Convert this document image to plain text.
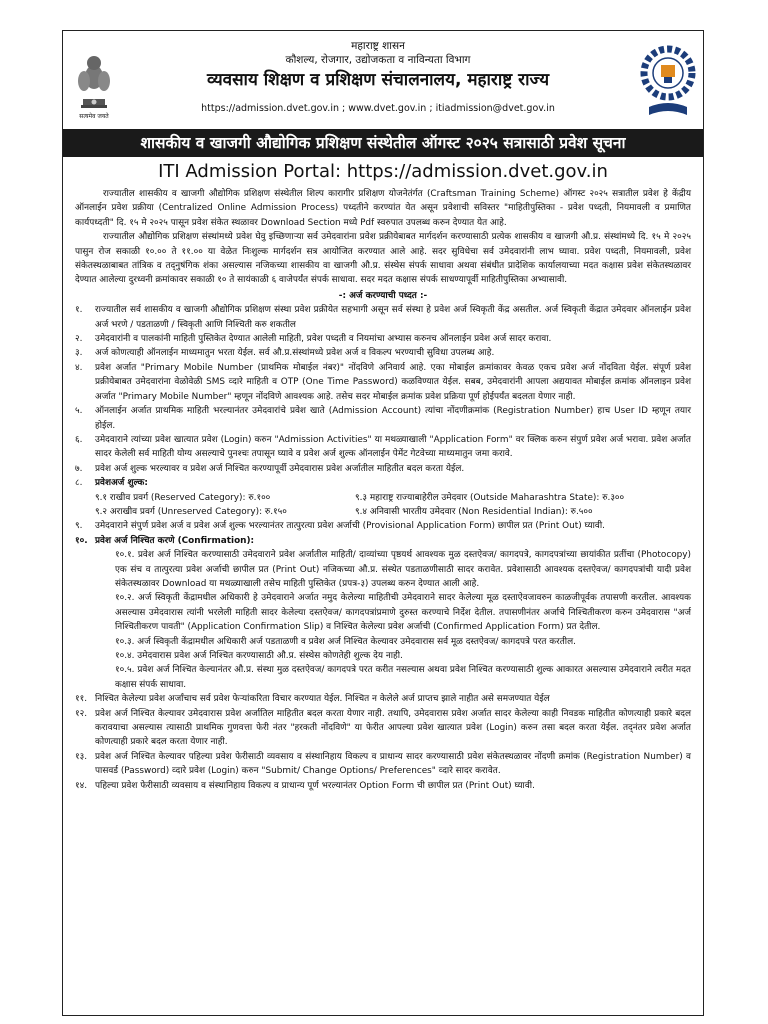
सत्यमेव जयते
महाराष्ट्र शासन
कौशल्य, रोजगार, उद्योजकता व नाविन्यता विभाग
व्यवसाय शिक्षण व प्रशिक्षण संचालनालय, महाराष्ट्र राज्य
https://admission.dvet.gov.in ; www.dvet.gov.in ; itiadmission@dvet.gov.in
शासकीय व खाजगी औद्योगिक प्रशिक्षण संस्थेतील ऑगस्ट २०२५ सत्रासाठी प्रवेश सूचना
ITI Admission Portal: https://admission.dvet.gov.in

राज्यातील शासकीय व खाजगी औद्योगिक प्रशिक्षण संस्थेतील शिल्प कारागीर प्रशिक्षण योजनेतंर्गत (Craftsman Training Scheme) ऑगस्ट २०२५ सत्रातील प्रवेश हे केंद्रीय ऑनलाईन प्रवेश प्रक्रीया (Centralized Online Admission Process) पध्दतीने करण्यांत येत असून प्रवेशाची सविस्तर "माहितीपुस्तिका - प्रवेश पध्दती, नियमावली व प्रमाणित कार्यपध्दती" दि. १५ मे २०२५ पासून प्रवेश संकेत स्थळावर Download Section मध्ये Pdf स्वरुपात उपलब्ध करुन देण्यात येत आहे.

राज्यातील औद्योगिक प्रशिक्षण संस्थांमध्ये प्रवेश घेवु इच्छिणाऱ्या सर्व उमेदवारांना प्रवेश प्रक्रीयेबाबत मार्गदर्शन करण्यासाठी प्रत्येक शासकीय व खाजगी औ.प्र. संस्थांमध्ये दि. १५ मे २०२५ पासुन रोज सकाळी १०.०० ते ११.०० या वेळेत निःशुल्क मार्गदर्शन सत्र आयोजित करण्यात आले आहे. सदर सुविधेचा सर्व उमेदवारांनी लाभ घ्यावा. प्रवेश पध्दती, नियमावली, प्रवेश संकेतस्थळाबाबत तांत्रिक व तद्नुषंगिक शंका असल्यास नजिकच्या शासकीय वा खाजगी औ.प्र. संस्थेस संपर्क साधावा अथवा संबंधीत प्रादेशिक कार्यालयाच्या मदत कक्षास प्रवेश संकेतस्थळावर देण्यात आलेल्या दुरध्वनी क्रमांकावर सकाळी १० ते सायंकाळी ६ वाजेपर्यंत संपर्क साधावा. सदर मदत कक्षास संपर्क साधण्यापूर्वी माहितीपुस्तिका अभ्यासावी.

-: अर्ज करण्याची पध्दत :-
१. राज्यातील सर्व शासकीय व खाजगी औद्योगिक प्रशिक्षण संस्था प्रवेश प्रक्रीयेत सहभागी असून सर्व संस्था हे प्रवेश अर्ज स्विकृती केंद्र असतील. अर्ज स्विकृती केंद्रात उमेदवार ऑनलाईन प्रवेश अर्ज भरणे / पडताळणी / स्विकृती आणि निश्चिती करु शकतील
२. उमेदवारांनी व पालकांनी माहिती पुस्तिकेत देण्यात आलेली माहिती, प्रवेश पध्दती व नियमांचा अभ्यास करुनच ऑनलाईन प्रवेश अर्ज सादर करावा.
३. अर्ज कोणत्याही ऑनलाईन माध्यमातुन भरता येईल. सर्व औ.प्र.संस्थांमध्ये प्रवेश अर्ज व विकल्प भरण्याची सुविधा उपलब्ध आहे.
४. प्रवेश अर्जात "Primary Mobile Number (प्राथमिक मोबाईल नंबर)" नोंदविणे अनिवार्य आहे. एका मोबाईल क्रमांकावर केवळ एकच प्रवेश अर्ज नोंदविता येईल. संपूर्ण प्रवेश प्रक्रीयेबाबत उमेदवारांना वेळोवेळी SMS व्दारे माहिती व OTP (One Time Password) कळविण्यात येईल. सबब, उमेदवारांनी आपला अद्ययावत मोबाईल क्रमांक ऑनलाइन प्रवेश अर्जात "Primary Mobile Number" म्हणून नोंदविणे आवश्यक आहे. तसेच सदर मोबाईल क्रमांक प्रवेश प्रक्रिया पूर्ण होईपर्यंत बदलता येणार नाही.
५. ऑनलाईन अर्जात प्राथमिक माहिती भरल्यानंतर उमेदवारांचे प्रवेश खाते (Admission Account) त्यांचा नोंदणीक्रमांक (Registration Number) हाच User ID म्हणून तयार होईल.
६. उमेदवाराने त्यांच्या प्रवेश खात्यात प्रवेश (Login) करुन "Admission Activities" या मथळ्याखाली "Application Form" वर क्लिक करुन संपुर्ण प्रवेश अर्ज भरावा. प्रवेश अर्जात सादर केलेली सर्व माहिती योग्य असल्याचे पुनश्चः तपासून घ्यावे व प्रवेश अर्ज शुल्क ऑनलाईन पेमेंट गेटवेच्या माध्यमातुन जमा करावे.
७. प्रवेश अर्ज शुल्क भरल्यावर व प्रवेश अर्ज निश्चित करण्यापूर्वी उमेदवारास प्रवेश अर्जातील माहितीत बदल करता येईल.
८. प्रवेशअर्ज शुल्क:
९.१ राखीव प्रवर्ग (Reserved Category): रु.१००	९.३ महाराष्ट्र राज्याबाहेरील उमेदवार (Outside Maharashtra State): रु.३००
९.२ अराखीव प्रवर्ग (Unreserved Category): रु.१५०	९.४ अनिवासी भारतीय उमेदवार (Non Residential Indian): रु.५००
९. उमेदवाराने संपुर्ण प्रवेश अर्ज व प्रवेश अर्ज शुल्क भरल्यानंतर तात्पुरत्या प्रवेश अर्जाची (Provisional Application Form) छापील प्रत (Print Out) घ्यावी.
१०. प्रवेश अर्ज निश्चित करणे (Confirmation):
१०.१. प्रवेश अर्ज निश्चित करण्यासाठी उमेदवाराने प्रवेश अर्जातील माहिती/ दाव्यांच्या पृष्ठयर्थ आवश्यक मुळ दस्तऐवज/ कागदपत्रे, कागदपत्रांच्या छायांकीत प्रतींचा (Photocopy) एक संच व तात्पुरत्या प्रवेश अर्जाची छापील प्रत (Print Out) नजिकच्या औ.प्र. संस्थेत पडताळणीसाठी सादर करावेत. प्रवेशासाठी आवश्यक दस्तऐवज/ कागदपत्रांची यादी प्रवेश संकेतस्थळावर Download या मथळ्याखाली तसेच माहिती पुस्तिकेत (प्रपत्र-३) उपलब्ध करुन देण्यात आली आहे.
१०.२. अर्ज स्विकृती केंद्रामधील अधिकारी हे उमेदवाराने अर्जात नमुद केलेल्या माहितीची उमेदवाराने सादर केलेल्या मूळ दस्ताऐवजावरुन काळजीपूर्वक तपासणी करतील. आवश्यक असल्यास उमेदवारास त्यांनी भरलेली माहिती सादर केलेल्या दस्तऐवज/ कागदपत्रांप्रमाणे दुरुस्त करण्याचे निर्देश देतील. तपासणीनंतर अर्जाचे निश्चितीकरण करुन उमेदवारास "अर्ज निश्चितीकरण पावती" (Application Confirmation Slip) व निश्चित केलेल्या प्रवेश अर्जाची (Confirmed Application Form) प्रत देतील.
१०.३. अर्ज स्विकृती केंद्रामधील अधिकारी अर्ज पडताळणी व प्रवेश अर्ज निश्चित केल्यावर उमेदवारास सर्व मूळ दस्तऐवज/ कागदपत्रे परत करतील.
१०.४. उमेदवारास प्रवेश अर्ज निश्चित करण्यासाठी औ.प्र. संस्थेस कोणतेही शुल्क देय नाही.
१०.५. प्रवेश अर्ज निश्चित केल्यानंतर औ.प्र. संस्था मुळ दस्तऐवज/ कागदपत्रे परत करीत नसल्यास अथवा प्रवेश निश्चित करण्यासाठी शुल्क आकारत असल्यास उमेदवाराने त्वरीत मदत कक्षास संपर्क साधावा.
११. निश्चित केलेल्या प्रवेश अर्जांचाच सर्व प्रवेश फेऱ्यांकरिता विचार करण्यात येईल. निश्चित न केलेले अर्ज प्राप्तच झाले नाहीत असे समजण्यात येईल
१२. प्रवेश अर्ज निश्चित केल्यावर उमेदवारास प्रवेश अर्जातिल माहितीत बदल करता येणार नाही. तथापि, उमेदवारास प्रवेश अर्जात सादर केलेल्या काही निवडक माहितीत कोणत्याही प्रकारे बदल करावयाचा असल्यास त्यासाठी प्राथमिक गुणवत्ता फेरी नंतर "हरकती नोंदविणे" या फेरीत आपल्या प्रवेश खात्यात प्रवेश (Login) करुन तसा बदल करता येईल. तद्नंतर प्रवेश अर्जात कोणत्याही प्रकारे बदल करता येणार नाही.
१३. प्रवेश अर्ज निश्चित केल्यावर पहिल्या प्रवेश फेरीसाठी व्यवसाय व संस्थानिहाय विकल्प व प्राधान्य सादर करण्यासाठी प्रवेश संकेतस्थळावर नोंदणी क्रमांक (Registration Number) व पासवर्ड (Password) व्दारे प्रवेश (Login) करुन "Submit/ Change Options/ Preferences" व्दारे सादर करावेत.
१४. पहिल्या प्रवेश फेरीसाठी व्यवसाय व संस्थानिहाय विकल्प व प्राधान्य पूर्ण भरल्यानंतर Option Form ची छापील प्रत (Print Out) घ्यावी.
